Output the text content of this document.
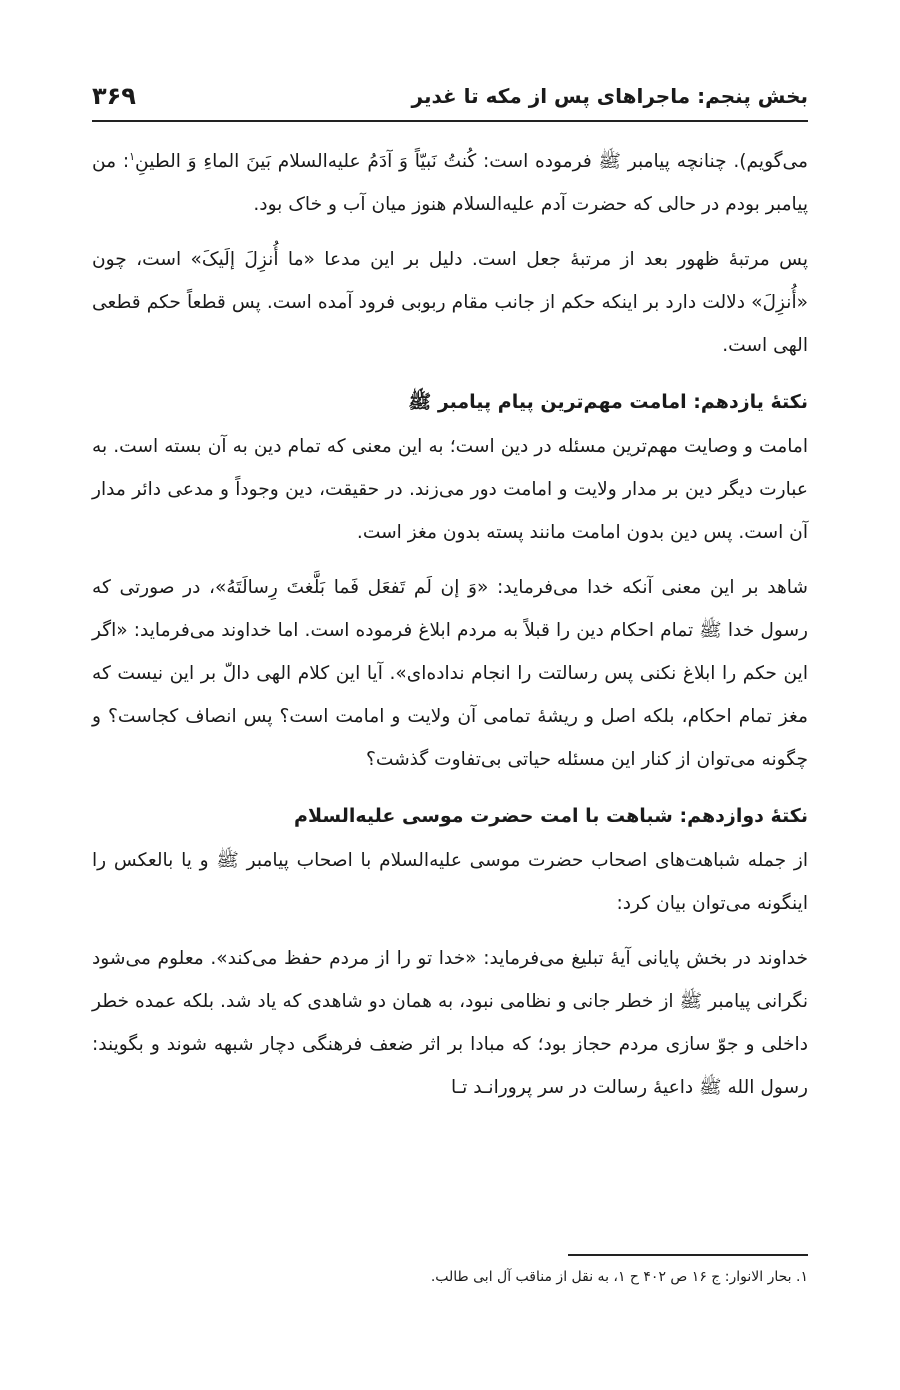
بخش پنجم: ماجراهای پس از مکه تا غدیر
۳۶۹

می‌گویم). چنانچه پیامبر ﷺ فرموده است: کُنتُ نَبیّاً وَ آدَمُ علیه‌السلام بَینَ الماءِ وَ الطینِ$^۱$: من پیامبر بودم در حالی که حضرت آدم علیه‌السلام هنوز میان آب و خاک بود.

پس مرتبۀ ظهور بعد از مرتبۀ جعل است. دلیل بر این مدعا «ما أُنزِلَ إلَیکَ» است، چون «أُنزِلَ» دلالت دارد بر اینکه حکم از جانب مقام ربوبی فرود آمده است. پس قطعاً حکم قطعی الهی است.

نکتۀ یازدهم: امامت مهم‌ترین پیام پیامبر ﷺ

امامت و وصایت مهم‌ترین مسئله در دین است؛ به این معنی که تمام دین به آن بسته است. به عبارت دیگر دین بر مدار ولایت و امامت دور می‌زند. در حقیقت، دین وجوداً و مدعی دائر مدار آن است. پس دین بدون امامت مانند پسته بدون مغز است.

شاهد بر این معنی آنکه خدا می‌فرماید: «وَ إن لَم تَفعَل فَما بَلَّغتَ رِسالَتَهُ»، در صورتی که رسول خدا ﷺ تمام احکام دین را قبلاً به مردم ابلاغ فرموده است. اما خداوند می‌فرماید: «اگر این حکم را ابلاغ نکنی پس رسالتت را انجام نداده‌ای». آیا این کلام الهی دالّ بر این نیست که مغز تمام احکام، بلکه اصل و ریشۀ تمامی آن ولایت و امامت است؟ پس انصاف کجاست؟ و چگونه می‌توان از کنار این مسئله حیاتی بی‌تفاوت گذشت؟

نکتۀ دوازدهم: شباهت با امت حضرت موسی علیه‌السلام

از جمله شباهت‌های اصحاب حضرت موسی علیه‌السلام با اصحاب پیامبر ﷺ و یا بالعکس را اینگونه می‌توان بیان کرد:

خداوند در بخش پایانی آیۀ تبلیغ می‌فرماید: «خدا تو را از مردم حفظ می‌کند». معلوم می‌شود نگرانی پیامبر ﷺ از خطر جانی و نظامی نبود، به همان دو شاهدی که یاد شد. بلکه عمده خطر داخلی و جوّ سازی مردم حجاز بود؛ که مبادا بر اثر ضعف فرهنگی دچار شبهه شوند و بگویند: رسول الله ﷺ داعیۀ رسالت در سر پرورانـد تـا

۱. بحار الانوار: ج ۱۶ ص ۴۰۲ ح ۱، به نقل از مناقب آل ابی طالب.
